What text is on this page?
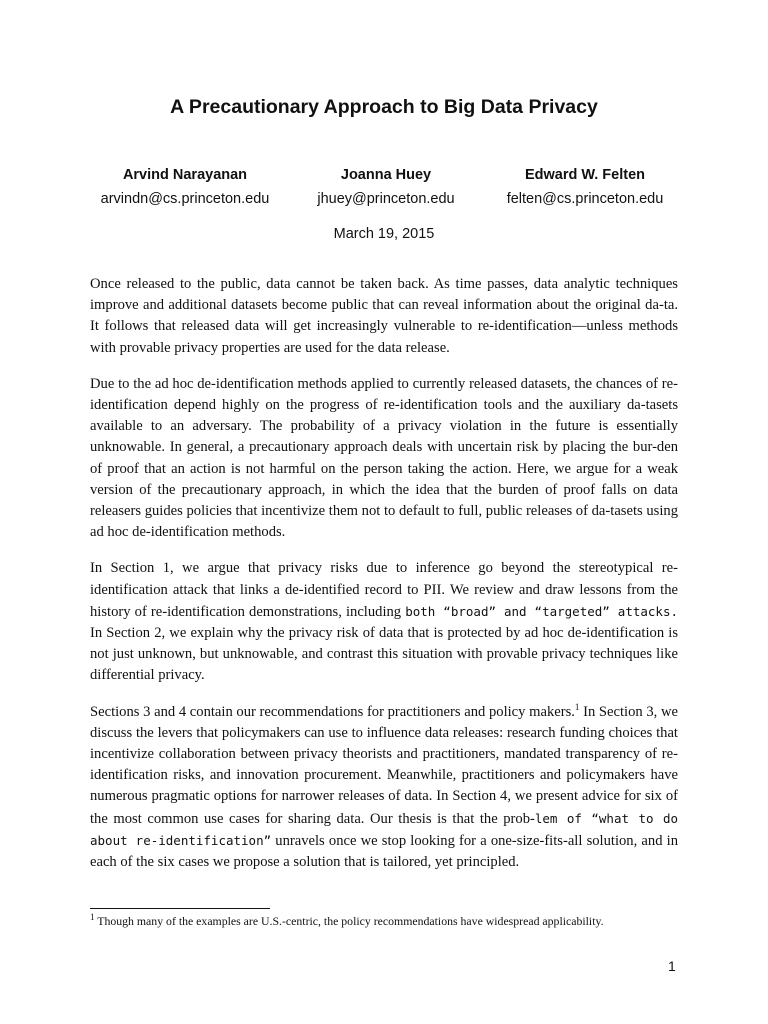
A Precautionary Approach to Big Data Privacy
Arvind Narayanan
arvindn@cs.princeton.edu
Joanna Huey
jhuey@princeton.edu
Edward W. Felten
felten@cs.princeton.edu
March 19, 2015

Once released to the public, data cannot be taken back. As time passes, data analytic techniques improve and additional datasets become public that can reveal information about the original da-ta. It follows that released data will get increasingly vulnerable to re-identification—unless methods with provable privacy properties are used for the data release.

Due to the ad hoc de-identification methods applied to currently released datasets, the chances of re-identification depend highly on the progress of re-identification tools and the auxiliary da-tasets available to an adversary. The probability of a privacy violation in the future is essentially unknowable. In general, a precautionary approach deals with uncertain risk by placing the bur-den of proof that an action is not harmful on the person taking the action. Here, we argue for a weak version of the precautionary approach, in which the idea that the burden of proof falls on data releasers guides policies that incentivize them not to default to full, public releases of da-tasets using ad hoc de-identification methods.

In Section 1, we argue that privacy risks due to inference go beyond the stereotypical re-identification attack that links a de-identified record to PII. We review and draw lessons from the history of re-identification demonstrations, including both “broad” and “targeted” attacks. In Section 2, we explain why the privacy risk of data that is protected by ad hoc de-identification is not just unknown, but unknowable, and contrast this situation with provable privacy techniques like differential privacy.

Sections 3 and 4 contain our recommendations for practitioners and policy makers.$^1$ In Section 3, we discuss the levers that policymakers can use to influence data releases: research funding choices that incentivize collaboration between privacy theorists and practitioners, mandated transparency of re-identification risks, and innovation procurement. Meanwhile, practitioners and policymakers have numerous pragmatic options for narrower releases of data. In Section 4, we present advice for six of the most common use cases for sharing data. Our thesis is that the prob-lem of “what to do about re-identification” unravels once we stop looking for a one-size-fits-all solution, and in each of the six cases we propose a solution that is tailored, yet principled.

$^1$ Though many of the examples are U.S.-centric, the policy recommendations have widespread applicability.
1
